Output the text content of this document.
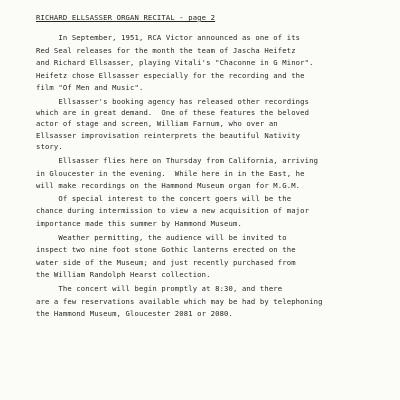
RICHARD ELLSASSER ORGAN RECITAL - page 2
In September, 1951, RCA Victor announced as one of its
Red Seal releases for the month the team of Jascha Heifetz
and Richard Ellsasser, playing Vitali's "Chaconne in G Minor".
Heifetz chose Ellsasser especially for the recording and the
film "Of Men and Music".
Ellsasser's booking agency has released other recordings
which are in great demand.  One of these features the beloved
actor of stage and screen, William Farnum, who over an
Ellsasser improvisation reinterprets the beautiful Nativity
story.
Ellsasser flies here on Thursday from California, arriving
in Gloucester in the evening.  While here in in the East, he
will make recordings on the Hammond Museum organ for M.G.M.
Of special interest to the concert goers will be the
chance during intermission to view a new acquisition of major
importance made this summer by Hammond Museum.
Weather permitting, the audience will be invited to
inspect two nine foot stone Gothic lanterns erected on the
water side of the Museum; and just recently purchased from
the William Randolph Hearst collection.
The concert will begin promptly at 8:30, and there
are a few reservations available which may be had by telephoning
the Hammond Museum, Gloucester 2081 or 2080.
